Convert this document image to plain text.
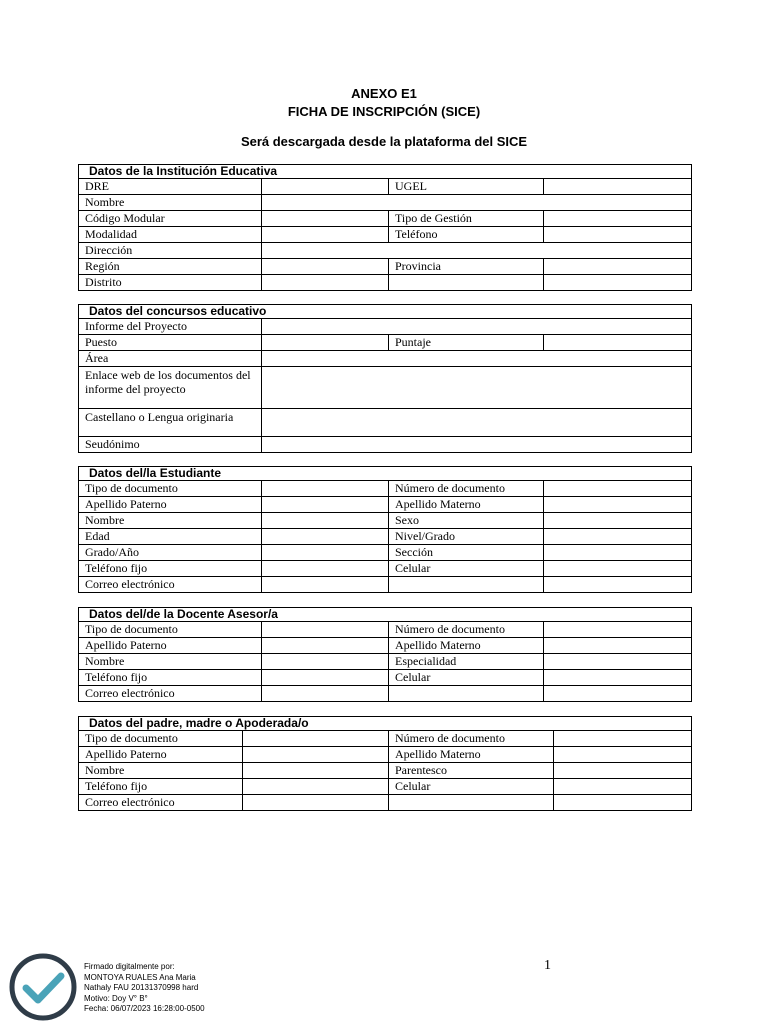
ANEXO E1
FICHA DE INSCRIPCIÓN (SICE)
Será descargada desde la plataforma del SICE
Datos de la Institución Educativa			
DRE		UGEL	
Nombre			
Código Modular		Tipo de Gestión	
Modalidad		Teléfono	
Dirección			
Región		Provincia	
Distrito			
Datos del concursos educativo			
Informe del Proyecto			
Puesto		Puntaje	
Área			
Enlace web de los documentos del informe del proyecto			
Castellano o Lengua originaria			
Seudónimo			
Datos del/la Estudiante			
Tipo de documento		Número de documento	
Apellido Paterno		Apellido Materno	
Nombre		Sexo	
Edad		Nivel/Grado	
Grado/Año		Sección	
Teléfono fijo		Celular	
Correo electrónico			
Datos del/de la Docente Asesor/a			
Tipo de documento		Número de documento	
Apellido Paterno		Apellido Materno	
Nombre		Especialidad	
Teléfono fijo		Celular	
Correo electrónico			
Datos del padre, madre o Apoderada/o			
Tipo de documento		Número de documento	
Apellido Paterno		Apellido Materno	
Nombre		Parentesco	
Teléfono fijo		Celular	
Correo electrónico			
1
Firmado digitalmente por:
MONTOYA RUALES Ana Maria
Nathaly FAU 20131370998 hard
Motivo: Doy V° B°
Fecha: 06/07/2023 16:28:00-0500
